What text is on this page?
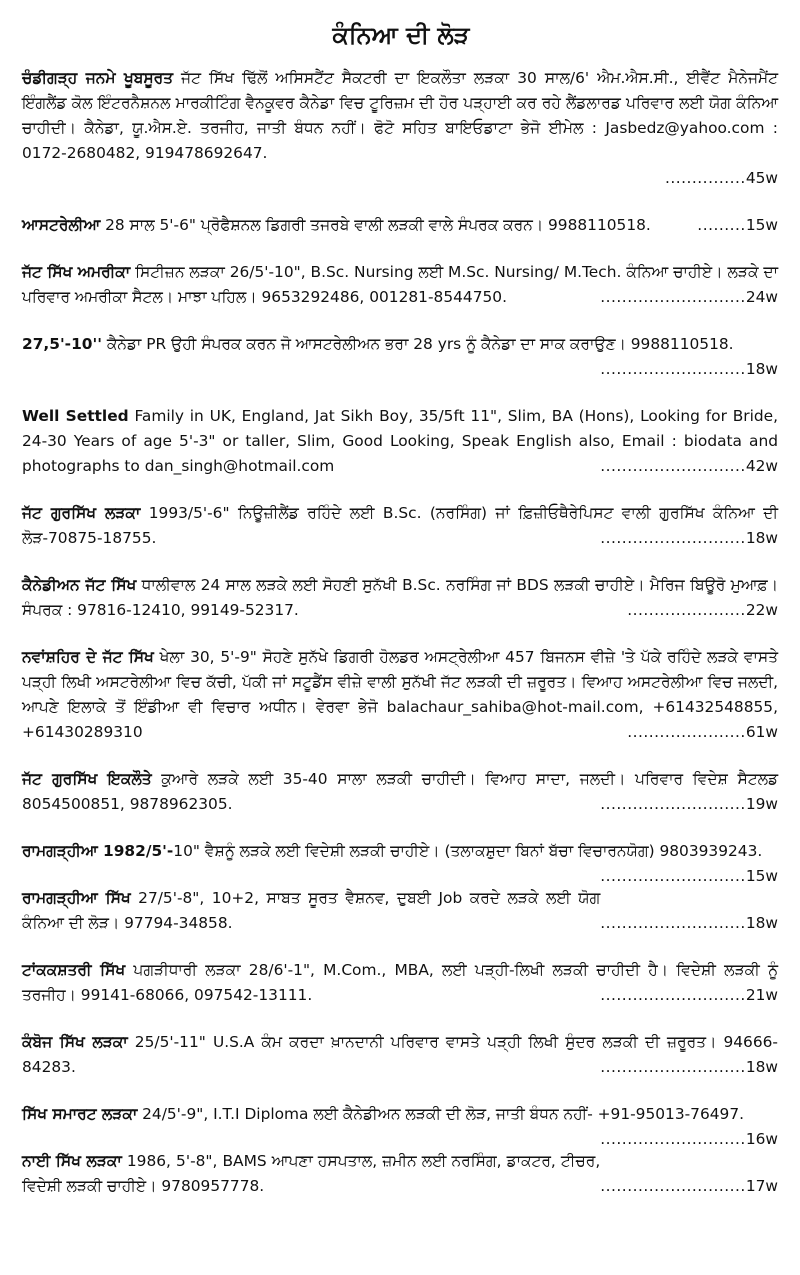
ਕੰਨਿਆ ਦੀ ਲੋੜ
ਚੰਡੀਗੜ੍ਹ ਜਨਮੇ ਖੂਬਸੂਰਤ ਜੱਟ ਸਿੱਖ ਢਿੱਲੋਂ ਅਸਿਸਟੈਂਟ ਸੈਕਟਰੀ ਦਾ ਇਕਲੌਤਾ ਲੜਕਾ 30 ਸਾਲ/6' ਐਮ.ਐਸ.ਸੀ., ਈਵੈਂਟ ਮੈਨੇਜਮੈਂਟ ਇੰਗਲੈਂਡ ਕੋਲ ਇੰਟਰਨੈਸ਼ਨਲ ਮਾਰਕੀਟਿੰਗ ਵੈਨਕੂਵਰ ਕੈਨੇਡਾ ਵਿਚ ਟੂਰਿਜ਼ਮ ਦੀ ਹੋਰ ਪੜ੍ਹਾਈ ਕਰ ਰਹੇ ਲੈਂਡਲਾਰਡ ਪਰਿਵਾਰ ਲਈ ਯੋਗ ਕੰਨਿਆ ਚਾਹੀਦੀ। ਕੈਨੇਡਾ, ਯੂ.ਐਸ.ਏ. ਤਰਜੀਹ, ਜਾਤੀ ਬੰਧਨ ਨਹੀਂ। ਫੋਟੋ ਸਹਿਤ ਬਾਇਓਡਾਟਾ ਭੇਜੋ ਈਮੇਲ : Jasbedz@yahoo.com : 0172-2680482, 919478692647.
...............45w
ਆਸਟਰੇਲੀਆ 28 ਸਾਲ 5'-6" ਪ੍ਰੋਫੈਸ਼ਨਲ ਡਿਗਰੀ ਤਜਰਬੇ ਵਾਲੀ ਲੜਕੀ ਵਾਲੇ ਸੰਪਰਕ ਕਰਨ। 9988110518.	.........15w
ਜੱਟ ਸਿੱਖ ਅਮਰੀਕਾ ਸਿਟੀਜ਼ਨ ਲੜਕਾ 26/5'-10", B.Sc. Nursing ਲਈ M.Sc. Nursing/ M.Tech. ਕੰਨਿਆ ਚਾਹੀਏ। ਲੜਕੇ ਦਾ ਪਰਿਵਾਰ ਅਮਰੀਕਾ ਸੈਟਲ। ਮਾਝਾ ਪਹਿਲ। 9653292486, 001281-8544750.	...........................24w
27,5'-10'' ਕੈਨੇਡਾ PR ਉਹੀ ਸੰਪਰਕ ਕਰਨ ਜੋ ਆਸਟਰੇਲੀਅਨ ਭਰਾ 28 yrs ਨੂੰ ਕੈਨੇਡਾ ਦਾ ਸਾਕ ਕਰਾਉਣ। 9988110518.
...........................18w
Well Settled Family in UK, England, Jat Sikh Boy, 35/5ft 11", Slim, BA (Hons), Looking for Bride, 24-30 Years of age 5'-3" or taller, Slim, Good Looking, Speak English also, Email : biodata and photographs to dan_singh@hotmail.com	...........................42w
ਜੱਟ ਗੁਰਸਿੱਖ ਲੜਕਾ 1993/5'-6" ਨਿਊਜ਼ੀਲੈਂਡ ਰਹਿੰਦੇ ਲਈ B.Sc. (ਨਰਸਿੰਗ) ਜਾਂ ਫ਼ਿਜ਼ੀਓਥੈਰੇਪਿਸਟ ਵਾਲੀ ਗੁਰਸਿੱਖ ਕੰਨਿਆ ਦੀ ਲੋੜ-70875-18755.	...........................18w
ਕੈਨੇਡੀਅਨ ਜੱਟ ਸਿੱਖ ਧਾਲੀਵਾਲ 24 ਸਾਲ ਲੜਕੇ ਲਈ ਸੋਹਣੀ ਸੁਨੱਖੀ B.Sc. ਨਰਸਿੰਗ ਜਾਂ BDS ਲੜਕੀ ਚਾਹੀਏ। ਮੈਰਿਜ ਬਿਊਰੋ ਮੁਆਫ਼। ਸੰਪਰਕ : 97816-12410, 99149-52317.	......................22w
ਨਵਾਂਸ਼ਹਿਰ ਦੇ ਜੱਟ ਸਿੱਖ ਖੇਲਾ 30, 5'-9" ਸੋਹਣੇ ਸੁਨੱਖੇ ਡਿਗਰੀ ਹੋਲਡਰ ਅਸਟ੍ਰੇਲੀਆ 457 ਬਿਜਨਸ ਵੀਜ਼ੇ 'ਤੇ ਪੱਕੇ ਰਹਿੰਦੇ ਲੜਕੇ ਵਾਸਤੇ ਪੜ੍ਹੀ ਲਿਖੀ ਅਸਟਰੇਲੀਆ ਵਿਚ ਕੱਚੀ, ਪੱਕੀ ਜਾਂ ਸਟੂਡੈਂਸ ਵੀਜ਼ੇ ਵਾਲੀ ਸੁਨੱਖੀ ਜੱਟ ਲੜਕੀ ਦੀ ਜ਼ਰੂਰਤ। ਵਿਆਹ ਅਸਟਰੇਲੀਆ ਵਿਚ ਜਲਦੀ, ਆਪਣੇ ਇਲਾਕੇ ਤੋਂ ਇੰਡੀਆ ਵੀ ਵਿਚਾਰ ਅਧੀਨ। ਵੇਰਵਾ ਭੇਜੋ balachaur_sahiba@hot-mail.com, +61432548855, +61430289310	......................61w
ਜੱਟ ਗੁਰਸਿੱਖ ਇਕਲੌਤੇ ਕੁਆਰੇ ਲੜਕੇ ਲਈ 35-40 ਸਾਲਾ ਲੜਕੀ ਚਾਹੀਦੀ। ਵਿਆਹ ਸਾਦਾ, ਜਲਦੀ। ਪਰਿਵਾਰ ਵਿਦੇਸ਼ ਸੈਟਲਡ 8054500851, 9878962305.	...........................19w
ਰਾਮਗੜ੍ਹੀਆ 1982/5'-10" ਵੈਸ਼ਨੂੰ ਲੜਕੇ ਲਈ ਵਿਦੇਸ਼ੀ ਲੜਕੀ ਚਾਹੀਏ। (ਤਲਾਕਸ਼ੁਦਾ ਬਿਨਾਂ ਬੱਚਾ ਵਿਚਾਰਨਯੋਗ) 9803939243.
...........................15w
ਰਾਮਗੜ੍ਹੀਆ ਸਿੱਖ 27/5'-8", 10+2, ਸਾਬਤ ਸੂਰਤ ਵੈਸ਼ਨਵ, ਦੁਬਈ Job ਕਰਦੇ ਲੜਕੇ ਲਈ ਯੋਗ ਕੰਨਿਆ ਦੀ ਲੋੜ। 97794-34858.	...........................18w
ਟਾਂਕਕਸ਼ਤਰੀ ਸਿੱਖ ਪਗੜੀਧਾਰੀ ਲੜਕਾ 28/6'-1", M.Com., MBA, ਲਈ ਪੜ੍ਹੀ-ਲਿਖੀ ਲੜਕੀ ਚਾਹੀਦੀ ਹੈ। ਵਿਦੇਸ਼ੀ ਲੜਕੀ ਨੂੰ ਤਰਜੀਹ। 99141-68066, 097542-13111.	...........................21w
ਕੰਬੋਜ ਸਿੱਖ ਲੜਕਾ 25/5'-11" U.S.A ਕੰਮ ਕਰਦਾ ਖ਼ਾਨਦਾਨੀ ਪਰਿਵਾਰ ਵਾਸਤੇ ਪੜ੍ਹੀ ਲਿਖੀ ਸੁੰਦਰ ਲੜਕੀ ਦੀ ਜ਼ਰੂਰਤ। 94666-84283.	...........................18w
ਸਿੱਖ ਸਮਾਰਟ ਲੜਕਾ 24/5'-9", I.T.I Diploma ਲਈ ਕੈਨੇਡੀਅਨ ਲੜਕੀ ਦੀ ਲੋੜ, ਜਾਤੀ ਬੰਧਨ ਨਹੀਂ- +91-95013-76497.
...........................16w
ਨਾਈ ਸਿੱਖ ਲੜਕਾ 1986, 5'-8", BAMS ਆਪਣਾ ਹਸਪਤਾਲ, ਜ਼ਮੀਨ ਲਈ ਨਰਸਿੰਗ, ਡਾਕਟਰ, ਟੀਚਰ, ਵਿਦੇਸ਼ੀ ਲੜਕੀ ਚਾਹੀਏ। 9780957778.	...........................17w
